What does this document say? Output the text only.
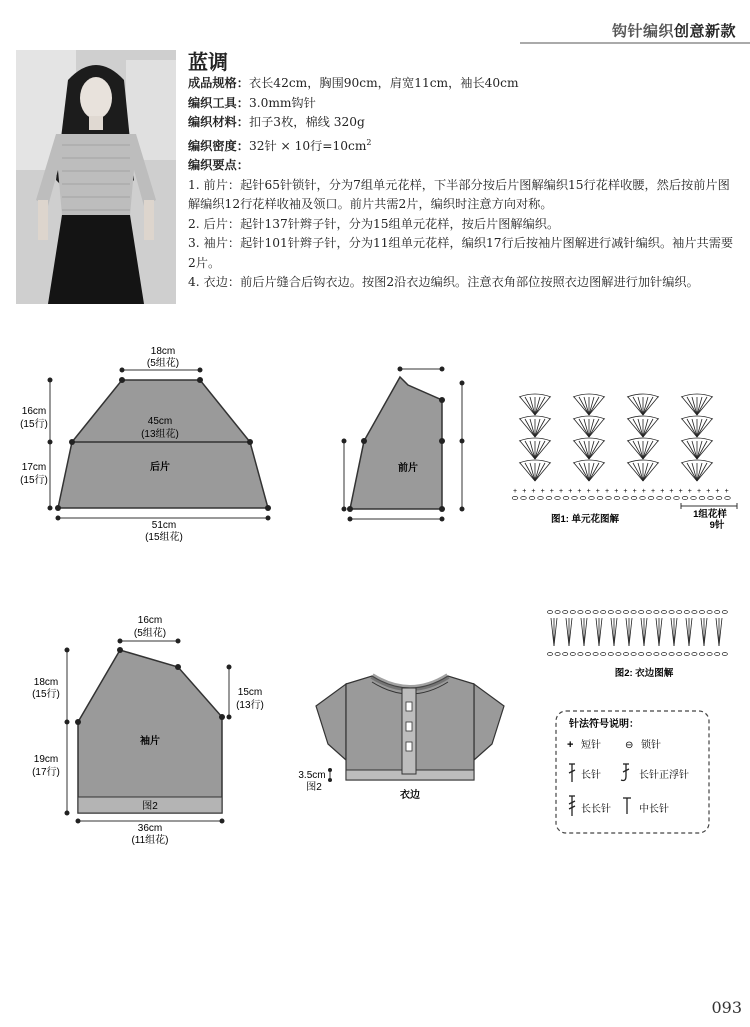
钩针编织创意新款
蓝调
成品规格：衣长42cm，胸围90cm，肩宽11cm，袖长40cm
编织工具：3.0mm钩针
编织材料：扣子3枚，棉线 320g
编织密度：32针 × 10行$=10cm^2$
编织要点：
1. 前片：起针65针锁针，分为7组单元花样，下半部分按后片图解编织15行花样收腰，然后按前片图解编织12行花样收袖及领口。前片共需2片，编织时注意方向对称。
2. 后片：起针137针辫子针，分为15组单元花样，按后片图解编织。
3. 袖片：起针101针辫子针，分为11组单元花样，编织17行后按袖片图解进行减针编织。袖片共需要2片。
4. 衣边：前后片缝合后钩衣边。按图2沿衣边编织。注意衣角部位按照衣边图解进行加针编织。
18cm
(5组花)
45cm
(13组花)
后片
16cm
(15行)
17cm
(15行)
51cm
(15组花)
前片
+ + + + + + + + + + + + + + + + + + + + + + + +
图1: 单元花图解	1组花样
9针
16cm
(5组花)
18cm
(15行)
19cm
(17行)
15cm
(13行)
袖片
图2
36cm
(11组花)
3.5cm
图2
衣边
图2: 衣边图解
针法符号说明：
+ 短针 ⊖ 锁针
长针	长针正浮针
长长针	中长针
093
